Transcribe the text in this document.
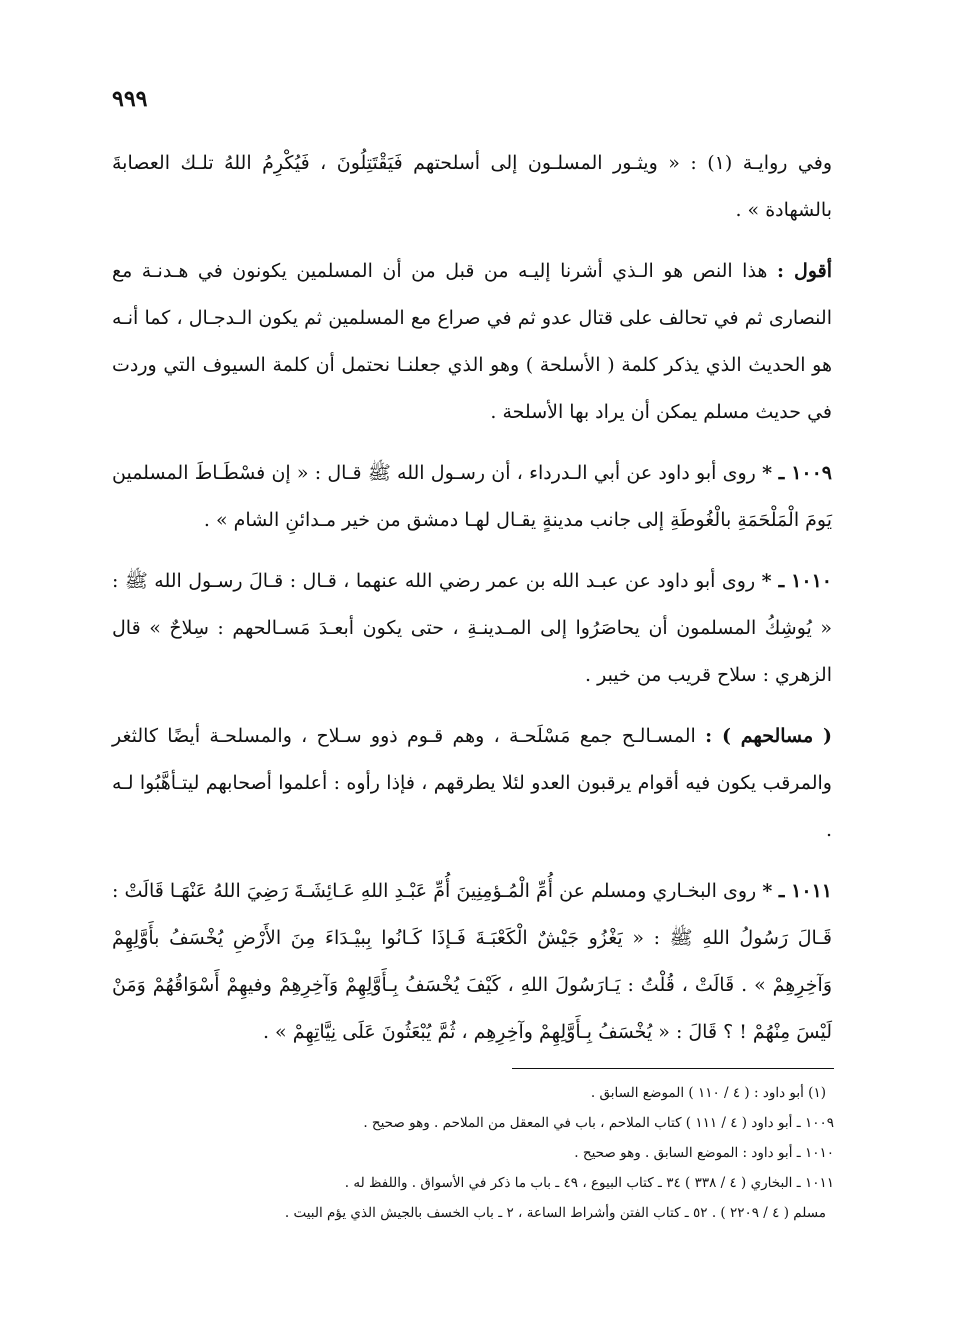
٩٩٩

وفي روايـة (١) : « ويثـور المسلـون إلى أسلحتهم فَيَقْتَتِلُونَ ، فَيُكْرِمُ اللهُ تلـك العصابةَ بالشهادة » .

أقول : هذا النص هو الـذي أشرنا إليـه من قبل من أن المسلمين يكونون في هـدنـة مع النصارى ثم في تحالف على قتال عدو ثم في صراع مع المسلمين ثم يكون الـدجـال ، كما أنـه هو الحديث الذي يذكر كلمة ( الأسلحة ) وهو الذي جعلنـا نحتمل أن كلمة السيوف التي وردت في حديث مسلم يمكن أن يراد بها الأسلحة .

١٠٠٩ ـ * روى أبو داود عن أبي الـدرداء ، أن رسـول الله ﷺ قـال : « إن فسْطَـاطَ المسلمين يَومَ الْمَلْحَمَةِ بالْغُوطَةِ إلى جانب مدينةٍ يقـال لهـا دمشق من خير مـدائنِ الشام » .

١٠١٠ ـ * روى أبو داود عن عبـد الله بن عمر رضي الله عنهما ، قـال : قـالَ رسـول الله ﷺ : « يُوشِكُ المسلمون أن يحاصَرُوا إلى المـدينـةِ ، حتى يكون أبعـدَ مَسـالحهم : سِلاحٌ » قال الزهري : سلاح قريب من خيبر .

( مسالحهم ) : المسـالـح جمع مَسْلَحـة ، وهم قـوم ذوو سـلاح ، والمسلحـة أيضًا كالثغر والمرقب يكون فيه أقوام يرقبون العدو لئلا يطرقهم ، فإذا رأوه : أعلموا أصحابهم ليتـأهَّبُوا لـه .

١٠١١ ـ * روى البخـاري ومسلم عن أُمِّ الْمُـؤمِنِينَ أُمِّ عَبْـدِ اللهِ عَـائِشَـةَ رَضِيَ اللهُ عَنْهَـا قَالَتْ : قَـالَ رَسُولُ اللهِ ﷺ : « يَغْزُو جَيْشٌ الْكَعْبَـةَ فَـإذَا كَـانُوا بِبيْـدَاءَ مِنَ الأَرْضِ يُخْسَفُ بأَوَّلِهِمْ وَآخِرِهِمْ » . قَالَتْ ، قُلْتُ : يَـارَسُولَ اللهِ ، كَيْفَ يُخْسَفُ بِـأَوَّلِهِمْ وَآخِرِهِمْ وفيهِمْ أَسْوَاقُهُمْ وَمَنْ لَيْسَ مِنْهُمْ ! ؟ قَالَ : « يُخْسَفُ بِـأَوَّلِهِمْ وآخِرِهِم ، ثُمَّ يُبْعَثُونَ عَلَى نِيَّاتِهِمْ » .

(١) أبو داود : ( ٤ / ١١٠ ) الموضع السابق .

١٠٠٩ ـ أبو داود ( ٤ / ١١١ ) كتاب الملاحم ، باب في المعقل من الملاحم . وهو صحيح .

١٠١٠ ـ أبو داود : الموضع السابق . وهو صحيح .

١٠١١ ـ البخاري ( ٤ / ٣٣٨ ) ٣٤ ـ كتاب البيوع ، ٤٩ ـ باب ما ذكر في الأسواق . واللفظ له .

مسلم ( ٤ / ٢٢٠٩ ) . ٥٢ ـ كتاب الفتن وأشراط الساعة ، ٢ ـ باب الخسف بالجيش الذي يؤم البيت .
